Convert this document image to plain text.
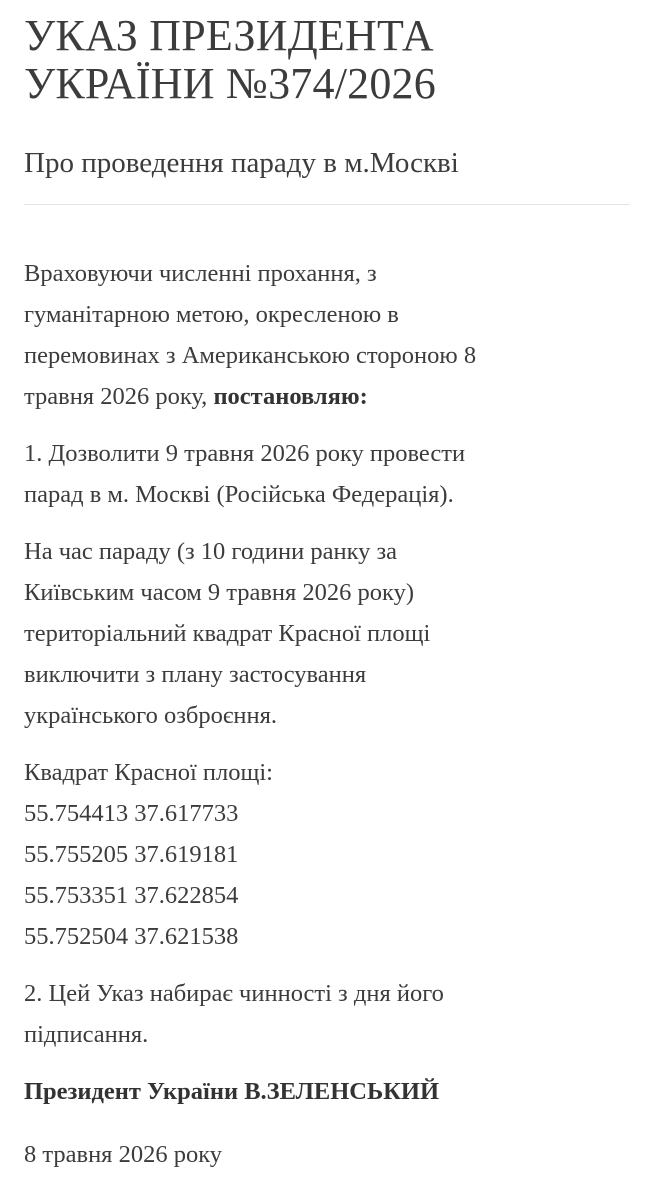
УКАЗ ПРЕЗИДЕНТА
УКРАЇНИ №374/2026
Про проведення параду в м.Москві

Враховуючи численні прохання, з
гуманітарною метою, окресленою в
перемовинах з Американською стороною 8
травня 2026 року, постановляю:

1. Дозволити 9 травня 2026 року провести
парад в м. Москві (Російська Федерація).

На час параду (з 10 години ранку за
Київським часом 9 травня 2026 року)
територіальний квадрат Красної площі
виключити з плану застосування
українського озброєння.

Квадрат Красної площі:
55.754413 37.617733
55.755205 37.619181
55.753351 37.622854
55.752504 37.621538

2. Цей Указ набирає чинності з дня його
підписання.

Президент України В.ЗЕЛЕНСЬКИЙ
8 травня 2026 року
